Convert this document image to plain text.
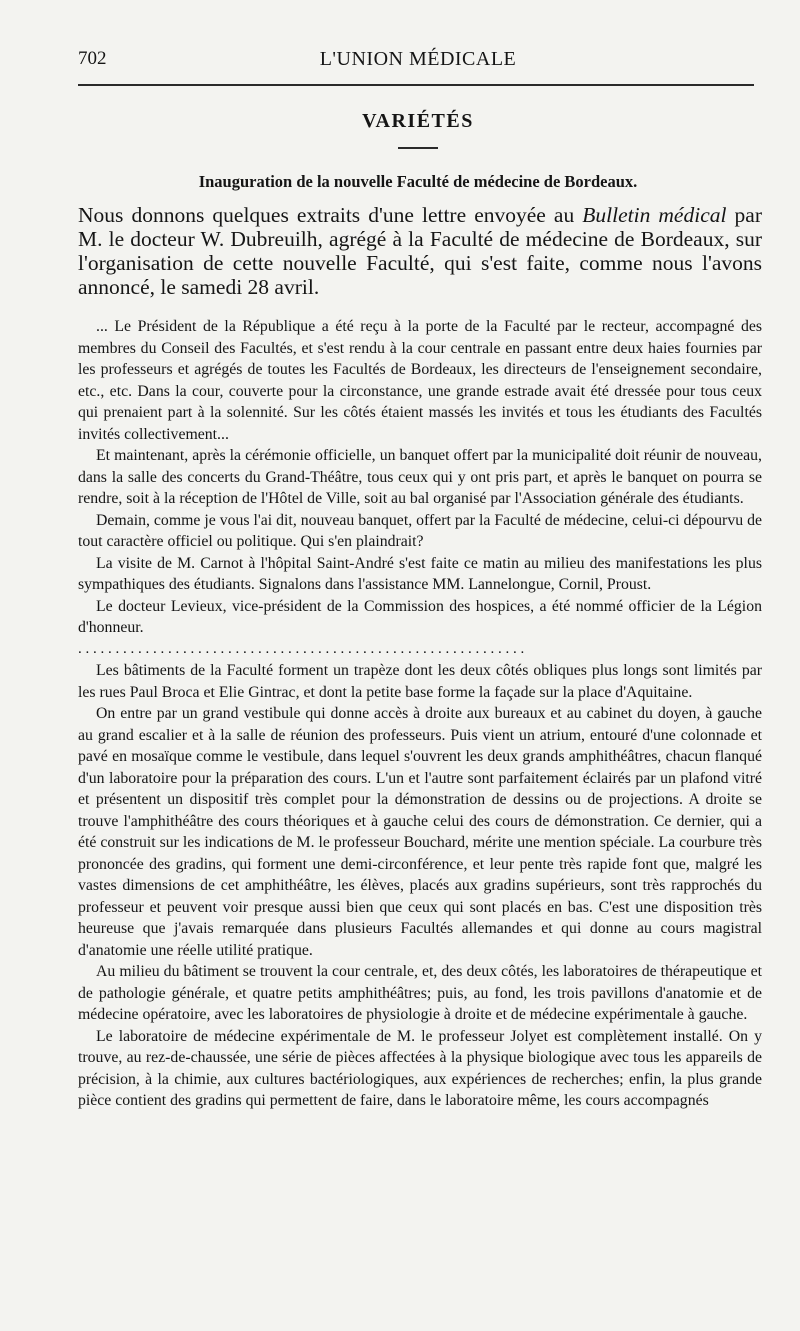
702	L'UNION MÉDICALE
VARIÉTÉS
Inauguration de la nouvelle Faculté de médecine de Bordeaux.

Nous donnons quelques extraits d'une lettre envoyée au Bulletin médical par M. le docteur W. Dubreuilh, agrégé à la Faculté de médecine de Bordeaux, sur l'organisation de cette nouvelle Faculté, qui s'est faite, comme nous l'avons annoncé, le samedi 28 avril.

... Le Président de la République a été reçu à la porte de la Faculté par le recteur, accompagné des membres du Conseil des Facultés, et s'est rendu à la cour centrale en passant entre deux haies fournies par les professeurs et agrégés de toutes les Facultés de Bordeaux, les directeurs de l'enseignement secondaire, etc., etc. Dans la cour, couverte pour la circonstance, une grande estrade avait été dressée pour tous ceux qui prenaient part à la solennité. Sur les côtés étaient massés les invités et tous les étudiants des Facultés invités collectivement...

Et maintenant, après la cérémonie officielle, un banquet offert par la municipalité doit réunir de nouveau, dans la salle des concerts du Grand-Théâtre, tous ceux qui y ont pris part, et après le banquet on pourra se rendre, soit à la réception de l'Hôtel de Ville, soit au bal organisé par l'Association générale des étudiants.

Demain, comme je vous l'ai dit, nouveau banquet, offert par la Faculté de médecine, celui-ci dépourvu de tout caractère officiel ou politique. Qui s'en plaindrait?

La visite de M. Carnot à l'hôpital Saint-André s'est faite ce matin au milieu des manifestations les plus sympathiques des étudiants. Signalons dans l'assistance MM. Lannelongue, Cornil, Proust.

Le docteur Levieux, vice-président de la Commission des hospices, a été nommé officier de la Légion d'honneur.

. . . . . . . . . . . . . . . . . . . . . . . . . . . . . . . . . . . . . . . . . . . . . . . . . . . . . . . . . . . .

Les bâtiments de la Faculté forment un trapèze dont les deux côtés obliques plus longs sont limités par les rues Paul Broca et Elie Gintrac, et dont la petite base forme la façade sur la place d'Aquitaine.

On entre par un grand vestibule qui donne accès à droite aux bureaux et au cabinet du doyen, à gauche au grand escalier et à la salle de réunion des professeurs. Puis vient un atrium, entouré d'une colonnade et pavé en mosaïque comme le vestibule, dans lequel s'ouvrent les deux grands amphithéâtres, chacun flanqué d'un laboratoire pour la préparation des cours. L'un et l'autre sont parfaitement éclairés par un plafond vitré et présentent un dispositif très complet pour la démonstration de dessins ou de projections. A droite se trouve l'amphithéâtre des cours théoriques et à gauche celui des cours de démonstration. Ce dernier, qui a été construit sur les indications de M. le professeur Bouchard, mérite une mention spéciale. La courbure très prononcée des gradins, qui forment une demi-circonférence, et leur pente très rapide font que, malgré les vastes dimensions de cet amphithéâtre, les élèves, placés aux gradins supérieurs, sont très rapprochés du professeur et peuvent voir presque aussi bien que ceux qui sont placés en bas. C'est une disposition très heureuse que j'avais remarquée dans plusieurs Facultés allemandes et qui donne au cours magistral d'anatomie une réelle utilité pratique.

Au milieu du bâtiment se trouvent la cour centrale, et, des deux côtés, les laboratoires de thérapeutique et de pathologie générale, et quatre petits amphithéâtres; puis, au fond, les trois pavillons d'anatomie et de médecine opératoire, avec les laboratoires de physiologie à droite et de médecine expérimentale à gauche.

Le laboratoire de médecine expérimentale de M. le professeur Jolyet est complètement installé. On y trouve, au rez-de-chaussée, une série de pièces affectées à la physique biologique avec tous les appareils de précision, à la chimie, aux cultures bactériologiques, aux expériences de recherches; enfin, la plus grande pièce contient des gradins qui permettent de faire, dans le laboratoire même, les cours accompagnés
